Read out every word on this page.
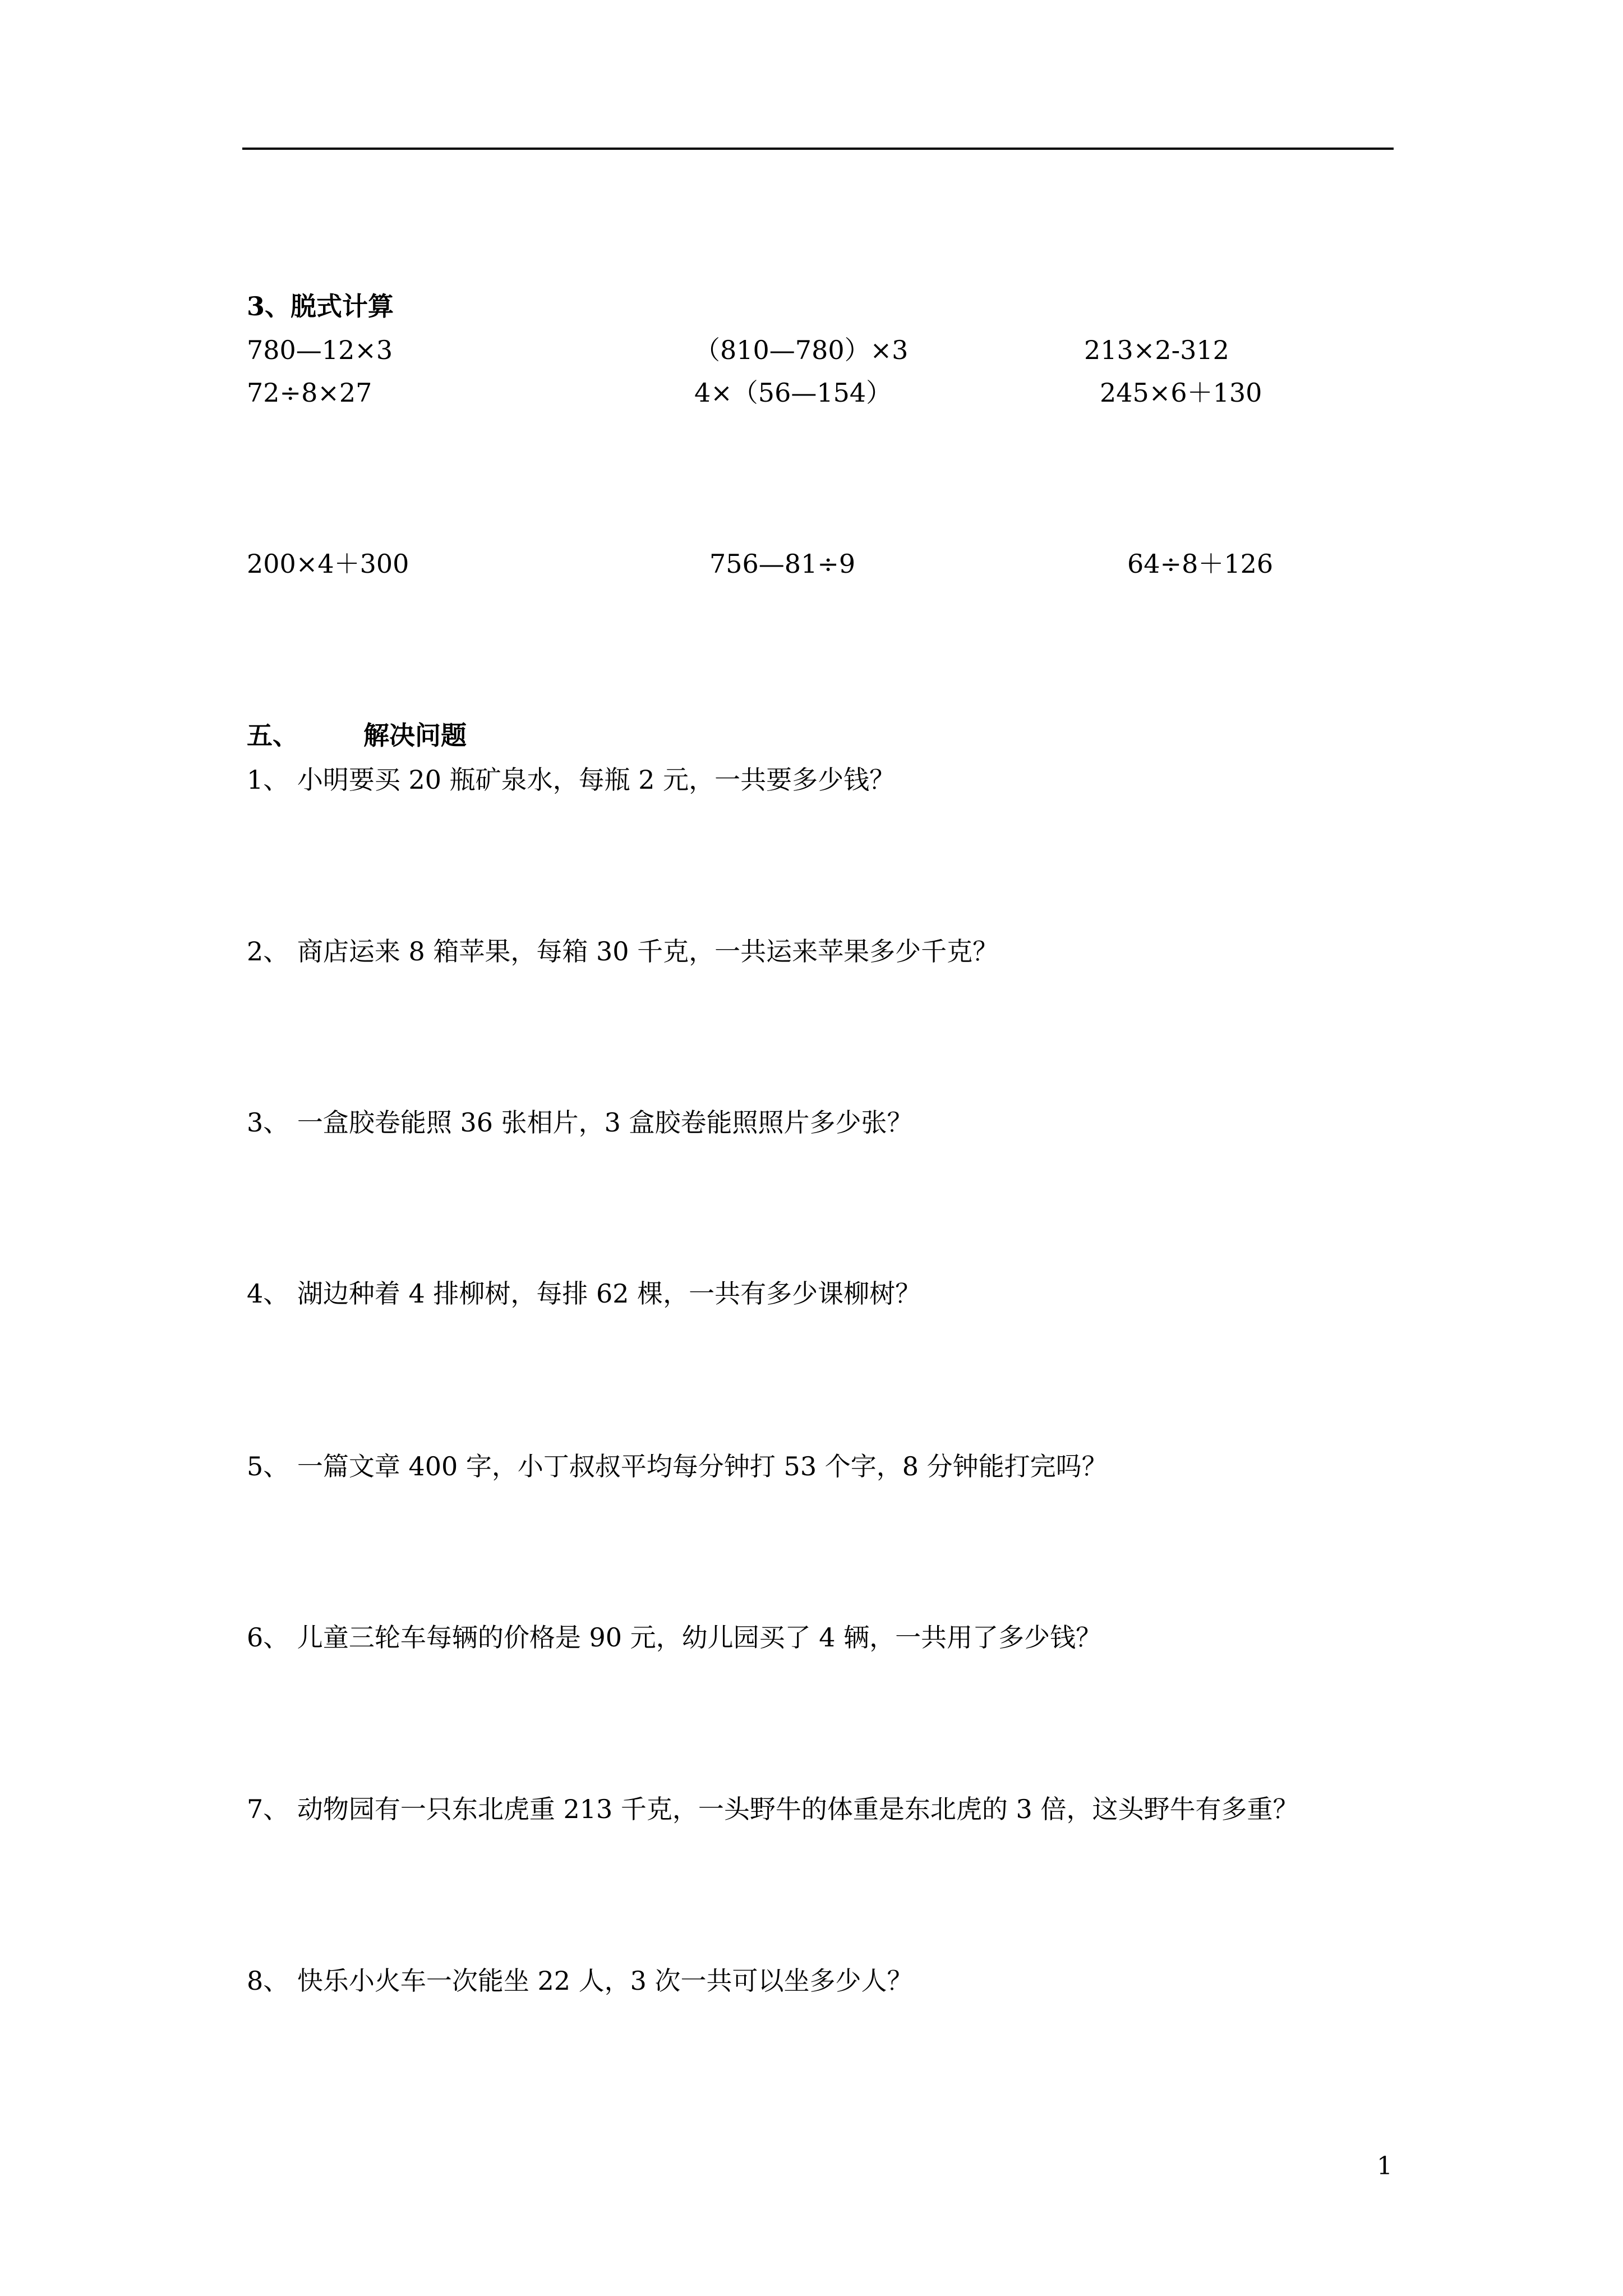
3、脱式计算
780—12×3	（810—780）×3	213×2-312
72÷8×27	4×（56—154）	245×6＋130
200×4＋300	756—81÷9	64÷8＋126
五、	解决问题
1、 小明要买 20 瓶矿泉水，每瓶 2 元，一共要多少钱？
2、 商店运来 8 箱苹果，每箱 30 千克，一共运来苹果多少千克？
3、 一盒胶卷能照 36 张相片，3 盒胶卷能照照片多少张？
4、 湖边种着 4 排柳树，每排 62 棵，一共有多少课柳树？
5、 一篇文章 400 字，小丁叔叔平均每分钟打 53 个字，8 分钟能打完吗？
6、 儿童三轮车每辆的价格是 90 元，幼儿园买了 4 辆，一共用了多少钱？
7、 动物园有一只东北虎重 213 千克，一头野牛的体重是东北虎的 3 倍，这头野牛有多重？
8、 快乐小火车一次能坐 22 人，3 次一共可以坐多少人？
1
